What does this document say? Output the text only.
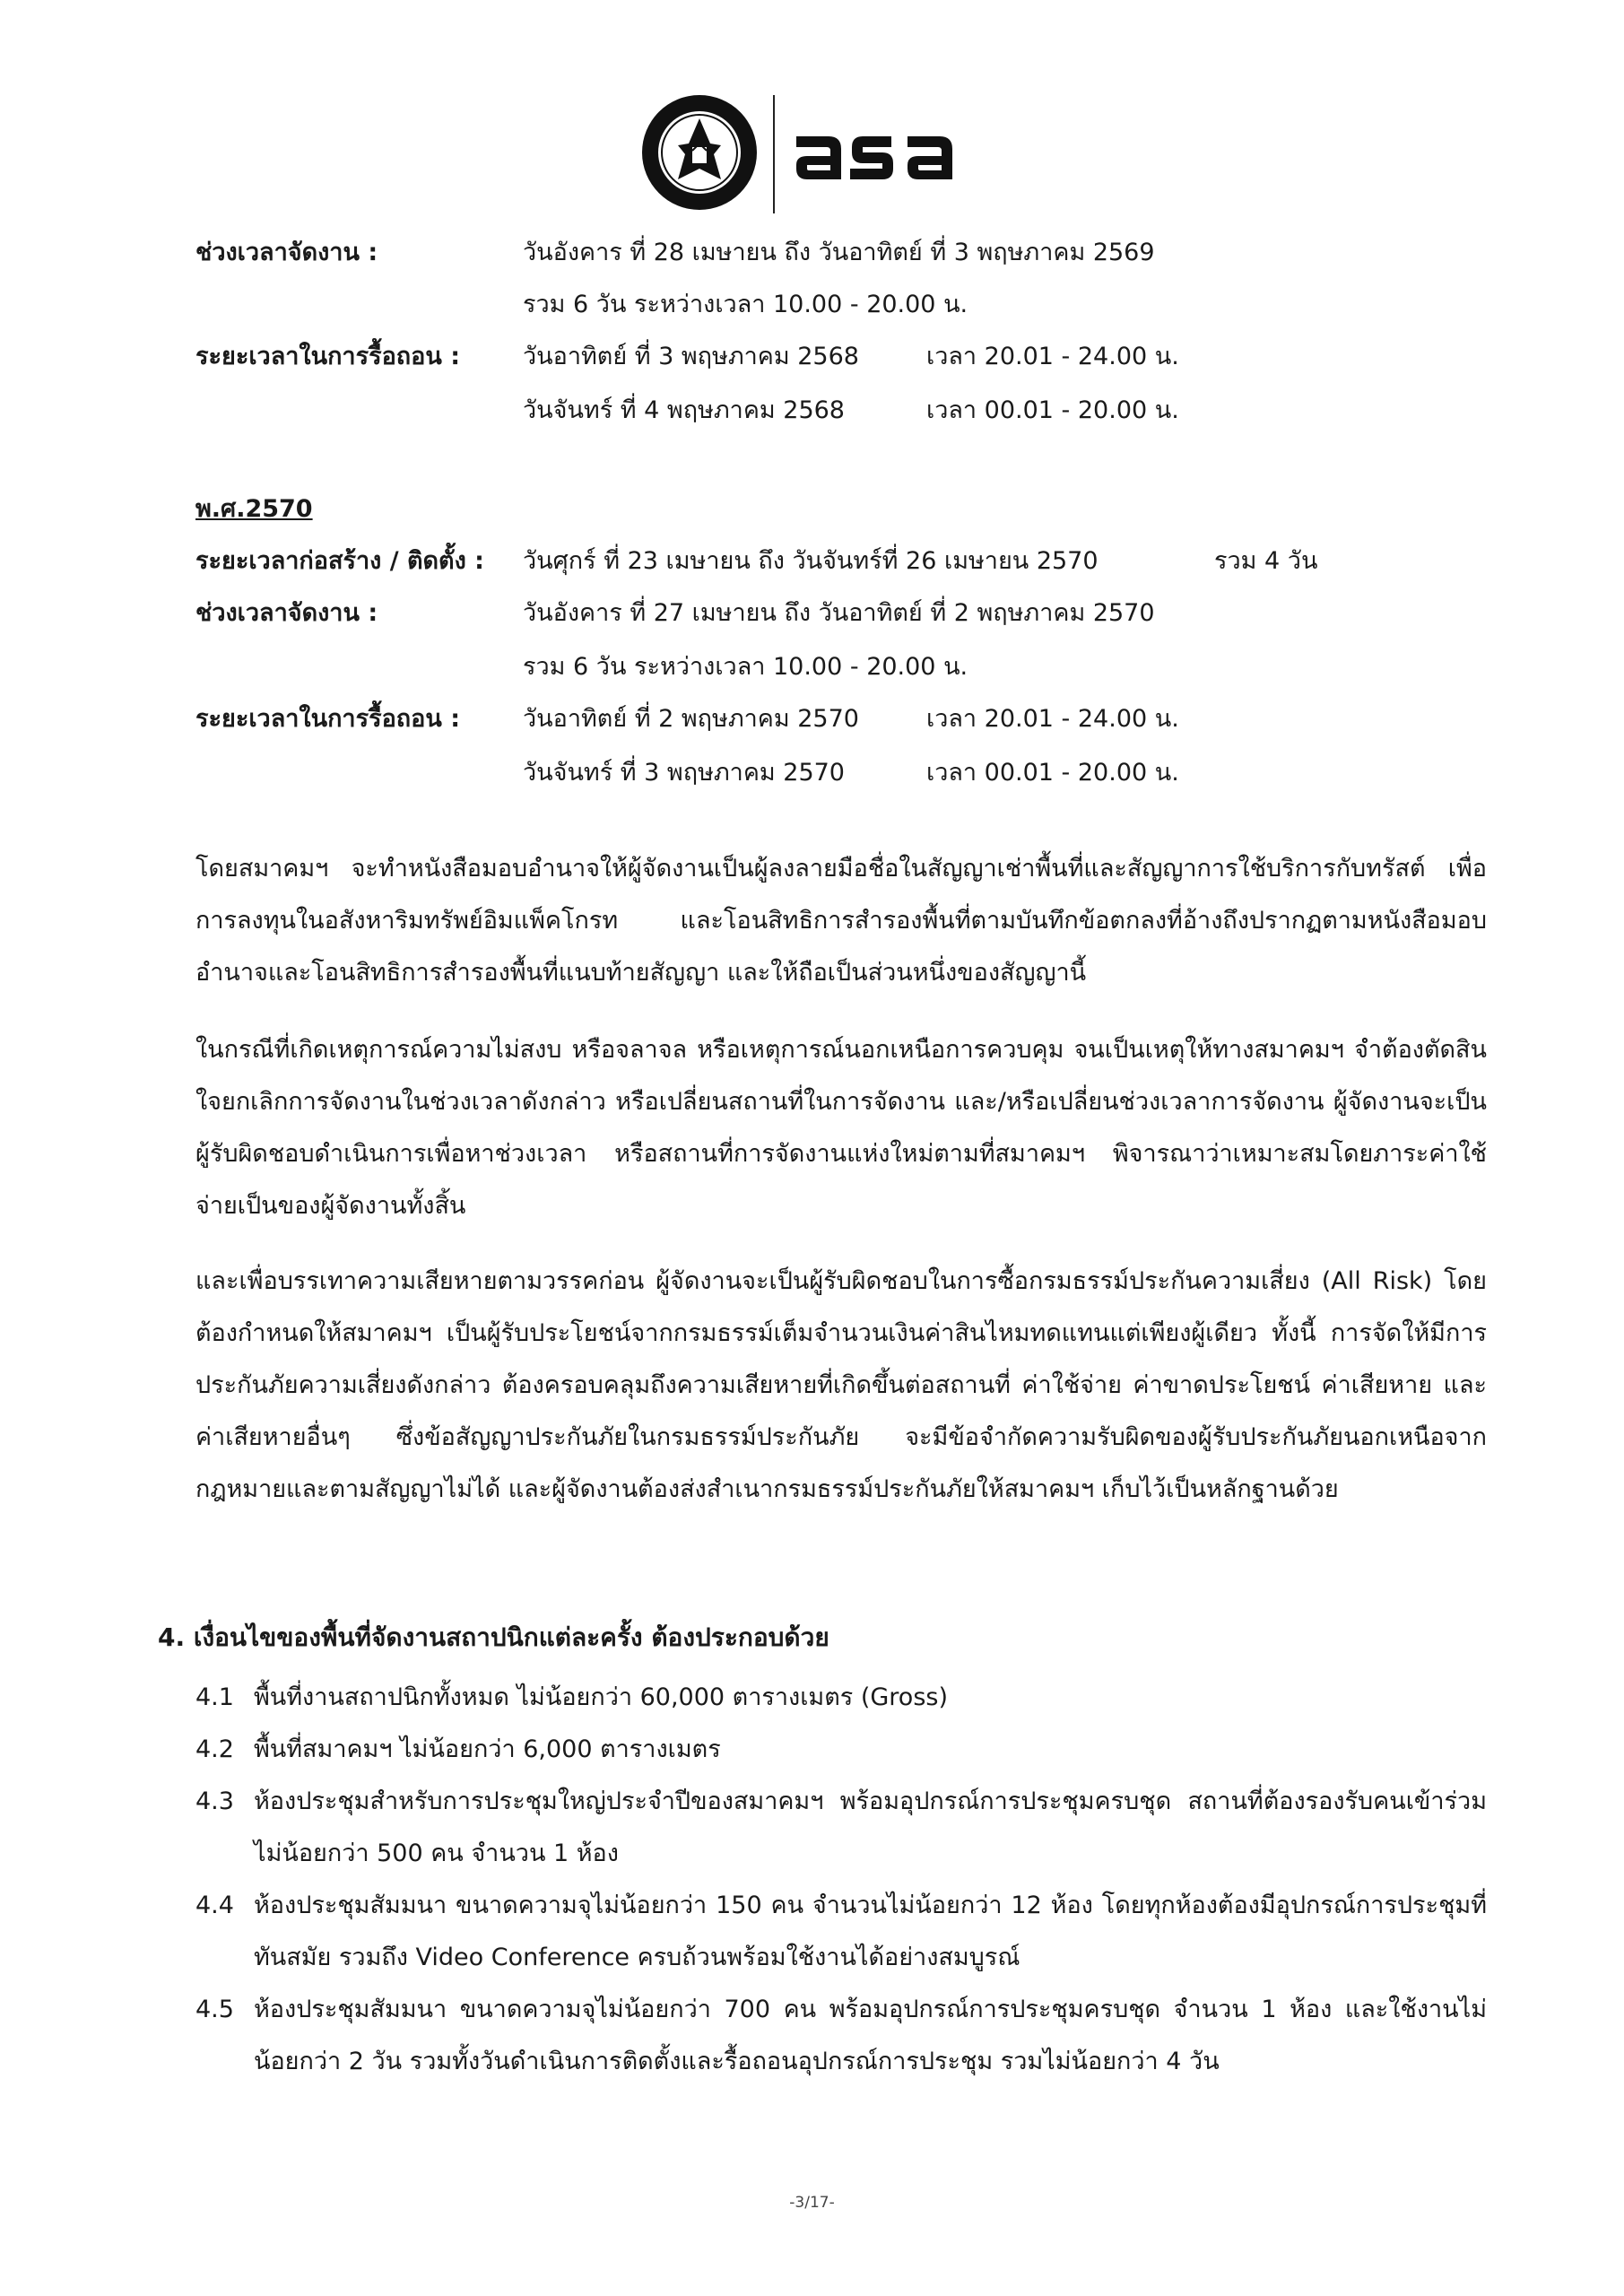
ช่วงเวลาจัดงาน :	วันอังคาร ที่ 28 เมษายน ถึง วันอาทิตย์ ที่ 3 พฤษภาคม 2569
รวม 6 วัน ระหว่างเวลา 10.00 - 20.00 น.
ระยะเวลาในการรื้อถอน :	วันอาทิตย์ ที่ 3 พฤษภาคม 2568	เวลา 20.01 - 24.00 น.
วันจันทร์ ที่ 4 พฤษภาคม 2568	เวลา 00.01 - 20.00 น.
พ.ศ.2570
ระยะเวลาก่อสร้าง / ติดตั้ง : วันศุกร์ ที่ 23 เมษายน ถึง วันจันทร์ที่ 26 เมษายน 2570	รวม 4 วัน
ช่วงเวลาจัดงาน :	วันอังคาร ที่ 27 เมษายน ถึง วันอาทิตย์ ที่ 2 พฤษภาคม 2570
รวม 6 วัน ระหว่างเวลา 10.00 - 20.00 น.
ระยะเวลาในการรื้อถอน :	วันอาทิตย์ ที่ 2 พฤษภาคม 2570	เวลา 20.01 - 24.00 น.
วันจันทร์ ที่ 3 พฤษภาคม 2570	เวลา 00.01 - 20.00 น.
โดยสมาคมฯ จะทำหนังสือมอบอำนาจให้ผู้จัดงานเป็นผู้ลงลายมือชื่อในสัญญาเช่าพื้นที่และสัญญาการใช้บริการกับทรัสต์ เพื่อการลงทุนในอสังหาริมทรัพย์อิมแพ็คโกรท และโอนสิทธิการสำรองพื้นที่ตามบันทึกข้อตกลงที่อ้างถึงปรากฏตามหนังสือมอบอำนาจและโอนสิทธิการสำรองพื้นที่แนบท้ายสัญญา และให้ถือเป็นส่วนหนึ่งของสัญญานี้
ในกรณีที่เกิดเหตุการณ์ความไม่สงบ หรือจลาจล หรือเหตุการณ์นอกเหนือการควบคุม จนเป็นเหตุให้ทางสมาคมฯ จำต้องตัดสินใจยกเลิกการจัดงานในช่วงเวลาดังกล่าว หรือเปลี่ยนสถานที่ในการจัดงาน และ/หรือเปลี่ยนช่วงเวลาการจัดงาน ผู้จัดงานจะเป็นผู้รับผิดชอบดำเนินการเพื่อหาช่วงเวลา หรือสถานที่การจัดงานแห่งใหม่ตามที่สมาคมฯ พิจารณาว่าเหมาะสมโดยภาระค่าใช้จ่ายเป็นของผู้จัดงานทั้งสิ้น
และเพื่อบรรเทาความเสียหายตามวรรคก่อน ผู้จัดงานจะเป็นผู้รับผิดชอบในการซื้อกรมธรรม์ประกันความเสี่ยง (All Risk) โดยต้องกำหนดให้สมาคมฯ เป็นผู้รับประโยชน์จากกรมธรรม์เต็มจำนวนเงินค่าสินไหมทดแทนแต่เพียงผู้เดียว ทั้งนี้ การจัดให้มีการประกันภัยความเสี่ยงดังกล่าว ต้องครอบคลุมถึงความเสียหายที่เกิดขึ้นต่อสถานที่ ค่าใช้จ่าย ค่าขาดประโยชน์ ค่าเสียหาย และค่าเสียหายอื่นๆ ซึ่งข้อสัญญาประกันภัยในกรมธรรม์ประกันภัย จะมีข้อจำกัดความรับผิดของผู้รับประกันภัยนอกเหนือจากกฎหมายและตามสัญญาไม่ได้ และผู้จัดงานต้องส่งสำเนากรมธรรม์ประกันภัยให้สมาคมฯ เก็บไว้เป็นหลักฐานด้วย
4. เงื่อนไขของพื้นที่จัดงานสถาปนิกแต่ละครั้ง ต้องประกอบด้วย
4.1 พื้นที่งานสถาปนิกทั้งหมด ไม่น้อยกว่า 60,000 ตารางเมตร (Gross)
4.2 พื้นที่สมาคมฯ ไม่น้อยกว่า 6,000 ตารางเมตร
4.3 ห้องประชุมสำหรับการประชุมใหญ่ประจำปีของสมาคมฯ พร้อมอุปกรณ์การประชุมครบชุด สถานที่ต้องรองรับคนเข้าร่วมไม่น้อยกว่า 500 คน จำนวน 1 ห้อง
4.4 ห้องประชุมสัมมนา ขนาดความจุไม่น้อยกว่า 150 คน จำนวนไม่น้อยกว่า 12 ห้อง โดยทุกห้องต้องมีอุปกรณ์การประชุมที่ทันสมัย รวมถึง Video Conference ครบถ้วนพร้อมใช้งานได้อย่างสมบูรณ์
4.5 ห้องประชุมสัมมนา ขนาดความจุไม่น้อยกว่า 700 คน พร้อมอุปกรณ์การประชุมครบชุด จำนวน 1 ห้อง และใช้งานไม่น้อยกว่า 2 วัน รวมทั้งวันดำเนินการติดตั้งและรื้อถอนอุปกรณ์การประชุม รวมไม่น้อยกว่า 4 วัน
-3/17-
